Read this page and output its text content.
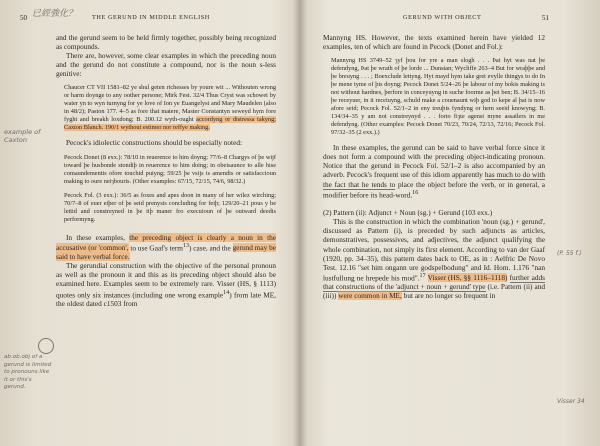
50	THE GERUND IN MIDDLE ENGLISH
已經強化？

and the gerund seem to be held firmly together, possibly being recognized as compounds.

There are, however, some clear examples in which the preceding noun and the gerund do not constitute a compound, nor is the noun s-less genitive:

Chaucer CT VII 1581–82 ye shul geten richesses by youre wit ... Withouten wrong or harm doynge to any oother persone; Mirk Fest. 32/4 Thus Cryst was schowet by water yn to wyn turnyng for ye love of Ion ye Euangelyst and Mary Maudelen (also in 48/2); Paston 177. 4–5 as fore that matere, Master Constantyn seweyd hym fore fyght and breakh loxdong; B. 200.12 wyth-ought accordyng or distressa takyng; Caxton Blanch. 190/1 wythout estimer nor reffye making.

Pecock's idiolectic constructions should be especially noted:

Pecock Donet (8 exx.): 78/10 in reuerence to him doyng; 77/6–8 Chargys of þe wijf toward þe husbonde stondiþ in reuerence to him doing; in obeisaunce to alle hise comaundementis ofore touchid puiyng; 59/25 þe vsijs is amendis or satisfaccioun making to oure neiȝbouris. (Other examples: 67/15, 72/15, 74/6, 98/32.)

Pecock Fol. (3 exx.): 36/5 as foxes and apes doon in many of her wilez wirching; 70/7–8 of euer eiþer of þe seid prenysis concluding for feiþ; 129/20–21 pous y be lettid and constreyned in þe iiþ maner fro execuioun of þe outward deedis performyng.

In these examples, the preceding object is clearly a noun in the accusative (or 'common', to use Gaaf's term$^{13}$) case, and the gerund may be said to have verbal force.

The gerundial construction with the objective of the personal pronoun as well as the pronoun it and this as its preceding object should also be examined here. Examples seem to be extremely rare. Visser (HS, § 1113) quotes only six instances (including one wrong example$^{14}$) from late ME, the oldest dated c1503 from

example of Caxton
ab.ob.obj of a gerund is limited to pronouns like it or this's gerund.
GERUND WITH OBJECT	51

Mannyng HS. However, the texts examined herein have yielded 12 examples, ten of which are found in Pecock (Donet and Fol.):

Mannyng HS 3749–52 ȝyf þou for yre a man slogh . . . Þat hyt was nat þe defendyng, Þat þe wrath of þe lorde ... Dunstan; Wycliffe 263–4 But for wraþþe and þe breuyng . . . ; Boexclude lettyng. Hyt mayd hym take gret evylle thingys to do In þe mene tyme of þis doyng; Pecock Donet 5/24–26 þe labour of my bokis making is not without hardnes, þerfore in conceyuyng in suche foorme as þei ben; B. 34/15–16 þe receyuer, in it receiuyng, schuld make a couenaunt wiþ god to kepe al þat is now afore seid; Pecock Fol. 52/1–2 in eny treuþis fyndyng or hem seeid knowyng; B. 134/34–35 y am not constreynyd . . . forto fiȝte agenst myne assailers in me defendyng. (Other examples: Pecock Donet 70/23, 70/24, 72/13, 72/16; Pecock Fol. 97/32–35 (2 exx.).)

In these examples, the gerund can be said to have verbal force since it does not form a compound with the preceding object-indicating pronoun. Notice that the gerund in Pecock Fol. 52/1–2 is also accompanied by an adverb. Pecock's frequent use of this idiom apparently has much to do with the fact that he tends to place the object before the verb, or in general, a modifier before its head-word.$^{16}$

(2) Pattern (ii): Adjunct + Noun (sg.) + Gerund (103 exx.)

This is the construction in which the combination 'noun (sg.) + gerund', discussed as Pattern (i), is preceded by such adjuncts as articles, demonstratives, possessives, and adjectives, the adjunct qualifying the whole combination, not simply its first element. According to van der Gaaf (1920, pp. 34–35), this pattern dates back to OE, as in : Aelfric De Novo Test. 12.16 "set him ongann ure godspelbodung" and Id. Hom. 1.176 "nan lustfullung ne hrepede his mod".$^{17}$ Visser (HS, §§ 1116–1118) further adds that constructions of the 'adjunct + noun + gerund' type (i.e. Pattern (ii) and (iii)) were common in ME, but are no longer so frequent in

(P. 55 f.)
Visser 34
